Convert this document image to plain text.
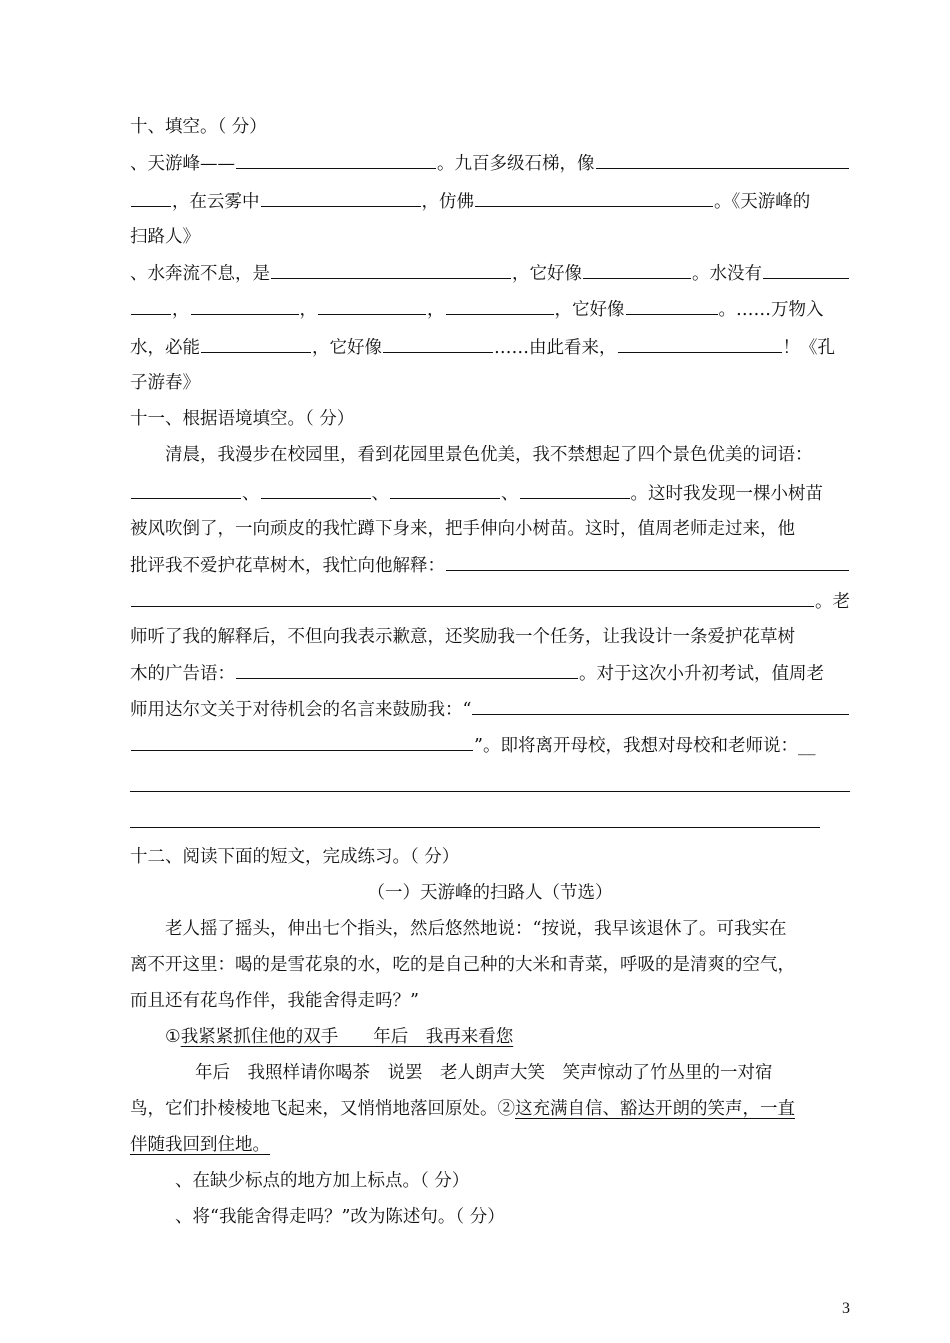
十、填空。（ 分）
、天游峰——	。九百多级石梯，像
，在云雾中	，仿佛	。《天游峰的
扫路人》
、水奔流不息，是	，它好像	。水没有
，	，	，	，它好像	。……万物入
水，必能	，它好像	……由此看来，	！《孔
子游春》
十一、根据语境填空。（ 分）
清晨，我漫步在校园里，看到花园里景色优美，我不禁想起了四个景色优美的词语：
、	、	、	。这时我发现一棵小树苗
被风吹倒了，一向顽皮的我忙蹲下身来，把手伸向小树苗。这时，值周老师走过来，他
批评我不爱护花草树木，我忙向他解释：
。老
师听了我的解释后，不但向我表示歉意，还奖励我一个任务，让我设计一条爱护花草树
木的广告语：	。对于这次小升初考试，值周老
师用达尔文关于对待机会的名言来鼓励我：“
”。即将离开母校，我想对母校和老师说： __
十二、阅读下面的短文，完成练习。（ 分）
（一）天游峰的扫路人（节选）
老人摇了摇头，伸出七个指头，然后悠然地说：“按说，我早该退休了。可我实在
离不开这里：喝的是雪花泉的水，吃的是自己种的大米和青菜，呼吸的是清爽的空气，
而且还有花鸟作伴，我能舍得走吗？”
① 我紧紧抓住他的双手　　年后　我再来看您
年后　我照样请你喝茶　说罢　老人朗声大笑　笑声惊动了竹丛里的一对宿
鸟，它们扑棱棱地飞起来，又悄悄地落回原处。② 这充满自信、豁达开朗的笑声，一直
伴随我回到住地。
、在缺少标点的地方加上标点。（ 分）
、将“我能舍得走吗？”改为陈述句。（ 分）
3
